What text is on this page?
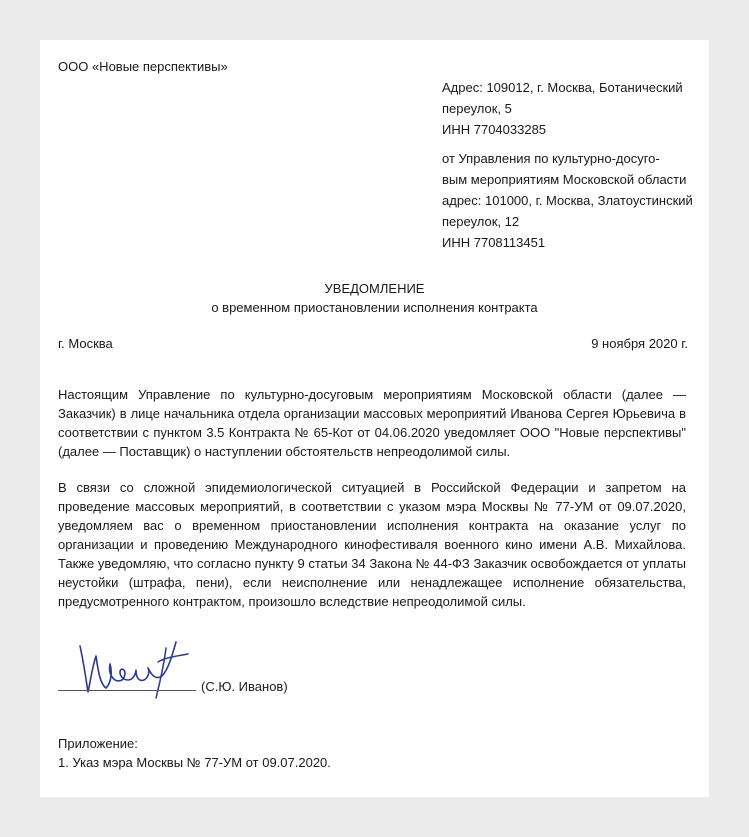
ООО «Новые перспективы»
Адрес: 109012, г. Москва, Ботанический
переулок, 5
ИНН 7704033285
от Управления по культурно-досуго-
вым мероприятиям Московской области
адрес: 101000, г. Москва, Златоустинский
переулок, 12
ИНН 7708113451
УВЕДОМЛЕНИЕ
о временном приостановлении исполнения контракта
г. Москва	9 ноября 2020 г.
Настоящим Управление по культурно-досуговым мероприятиям Московской области (далее — Заказчик) в лице начальника отдела организации массовых мероприятий Иванова Сергея Юрьевича в соответствии с пунктом 3.5 Контракта № 65-Кот от 04.06.2020 уведомляет ООО "Новые перспективы" (далее — Поставщик) о наступлении обстоятельств непреодолимой силы.
В связи со сложной эпидемиологической ситуацией в Российской Федерации и запретом на проведение массовых мероприятий, в соответствии с указом мэра Москвы № 77-УМ от 09.07.2020, уведомляем вас о временном приостановлении исполнения контракта на оказание услуг по организации и проведению Международного кинофестиваля военного кино имени А.В. Михайлова. Также уведомляю, что согласно пункту 9 статьи 34 Закона № 44-ФЗ Заказчик освобождается от уплаты неустойки (штрафа, пени), если неисполнение или ненадлежащее исполнение обязательства, предусмотренного контрактом, произошло вследствие непреодолимой силы.
(С.Ю. Иванов)
Приложение:
1. Указ мэра Москвы № 77-УМ от 09.07.2020.
